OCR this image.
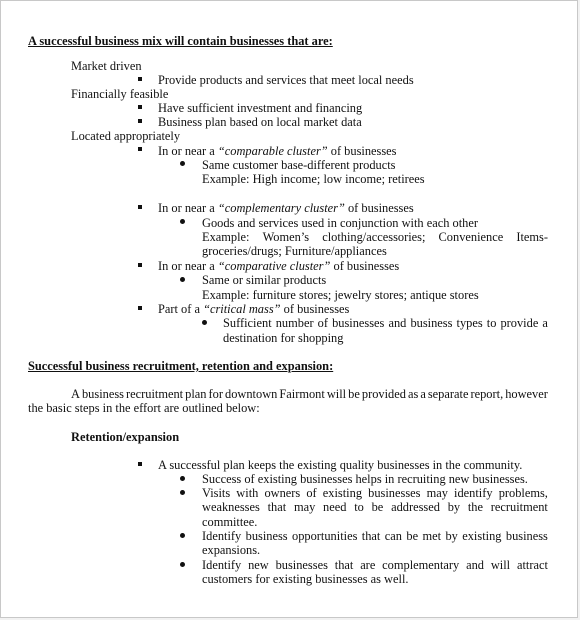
A successful business mix will contain businesses that are:
Market driven
Provide products and services that meet local needs
Financially feasible
Have sufficient investment and financing
Business plan based on local market data
Located appropriately
In or near a “comparable cluster” of businesses
Same customer base-different products
Example: High income; low income; retirees
In or near a “complementary cluster” of businesses
Goods and services used in conjunction with each other
Example: Women’s clothing/accessories; Convenience Items-
groceries/drugs; Furniture/appliances
In or near a “comparative cluster” of businesses
Same or similar products
Example: furniture stores; jewelry stores; antique stores
Part of a “critical mass” of businesses
Sufficient number of businesses and business types to provide a
destination for shopping
Successful business recruitment, retention and expansion:
A business recruitment plan for downtown Fairmont will be provided as a separate report, however
the basic steps in the effort are outlined below:
Retention/expansion
A successful plan keeps the existing quality businesses in the community.
Success of existing businesses helps in recruiting new businesses.
Visits with owners of existing businesses may identify problems,
weaknesses that may need to be addressed by the recruitment
committee.
Identify business opportunities that can be met by existing business
expansions.
Identify new businesses that are complementary and will attract
customers for existing businesses as well.
